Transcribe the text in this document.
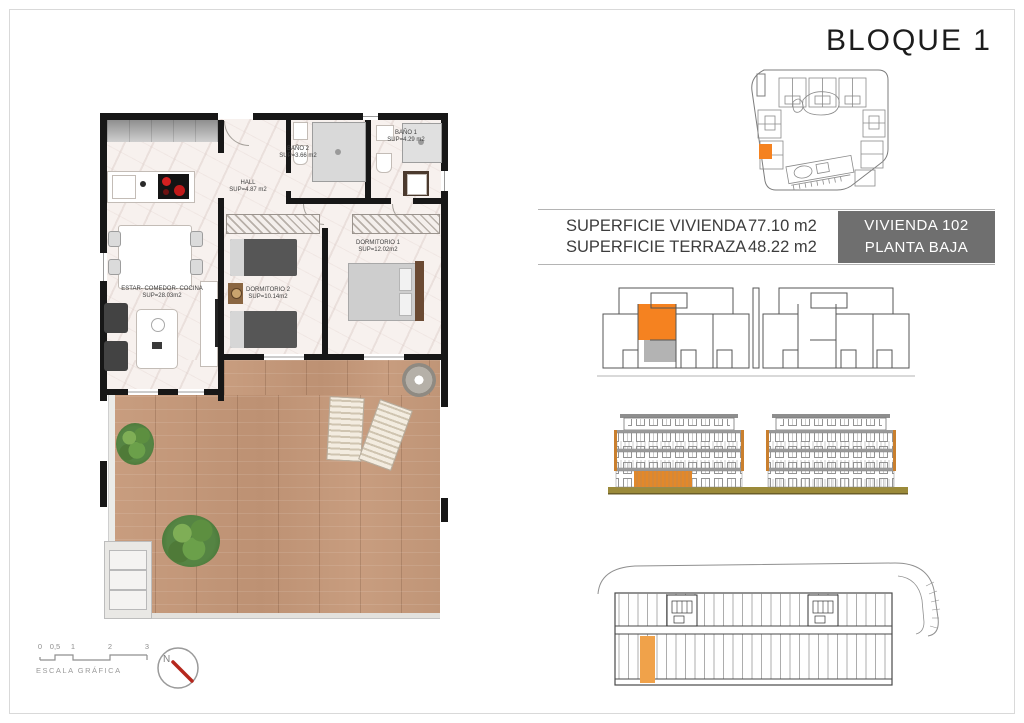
BAÑO 2
SUP=3.66 m2
BAÑO 1
SUP=4.29 m2
HALL
SUP=4.87 m2
ESTAR- COMEDOR- COCINA
SUP=28.03m2
DORMITORIO 2
SUP=10.14m2
DORMITORIO 1
SUP=12.02m2
BLOQUE 1
SUPERFICIE VIVIENDA 77.10 m2
SUPERFICIE TERRAZA 48.22 m2
VIVIENDA 102
PLANTA BAJA
0 0,5 1	2	3
ESCALA GRÁFICA
N
